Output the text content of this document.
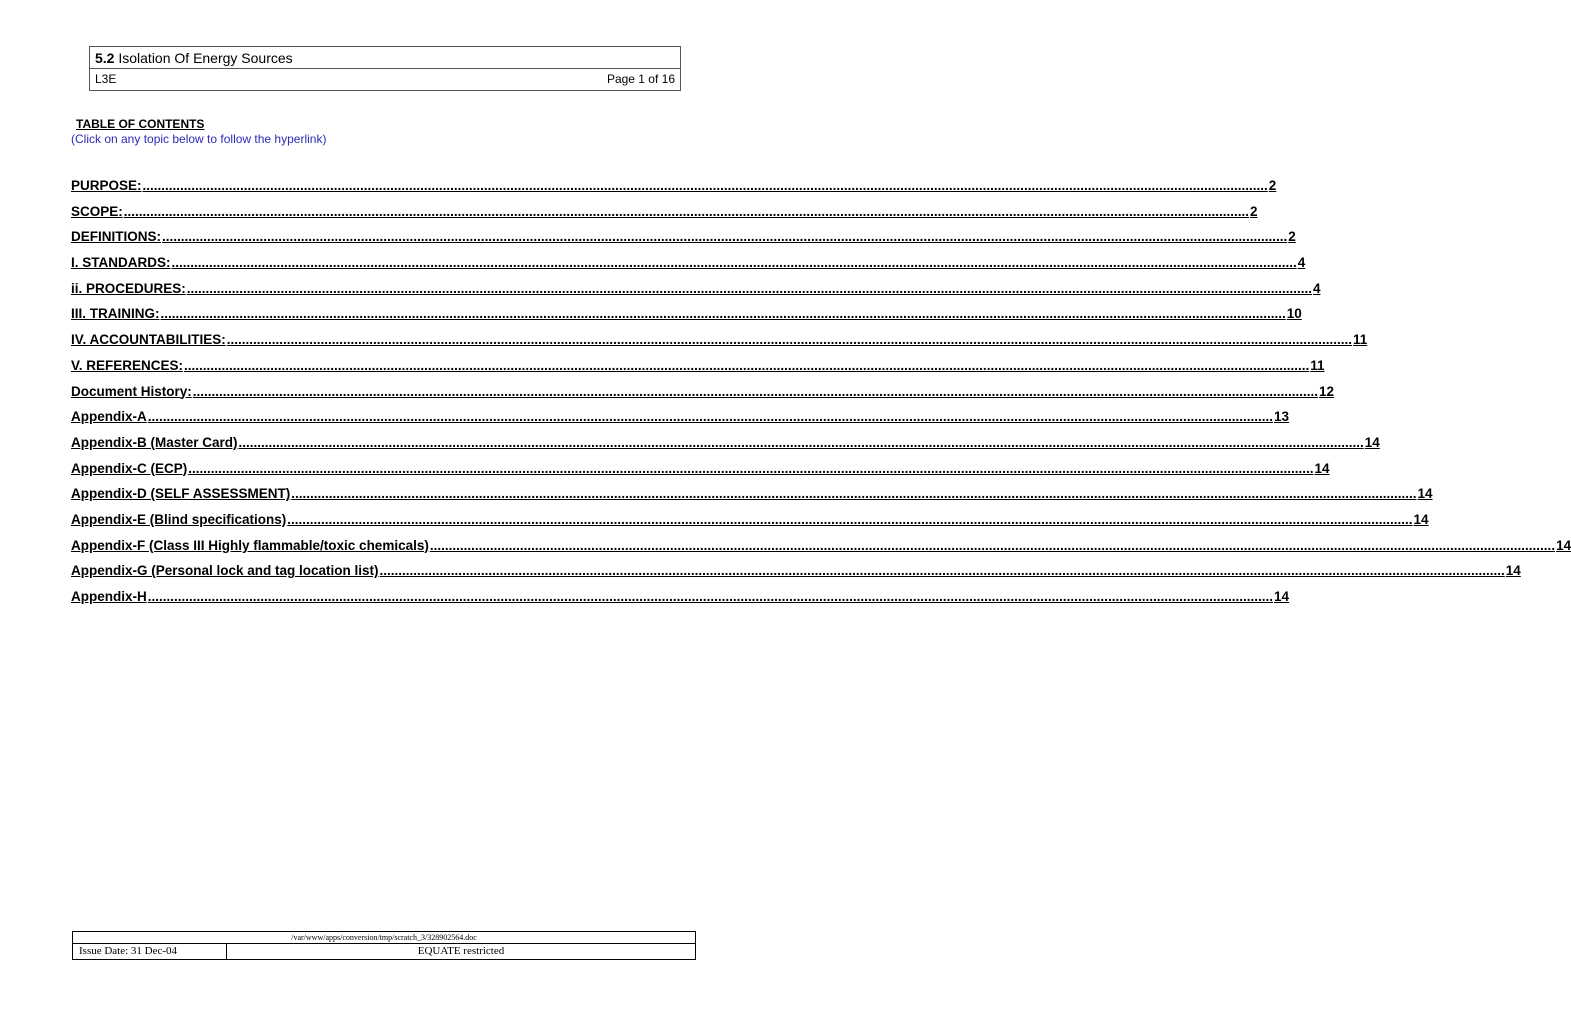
5.2 Isolation Of Energy Sources
L3E	Page 1 of 16
TABLE OF CONTENTS
(Click on any topic below to follow the hyperlink)
PURPOSE: ............................................................................................................................................................................................................................................................................................................ 2
SCOPE: ............................................................................................................................................................................................................................................................................................................ 2
DEFINITIONS: ............................................................................................................................................................................................................................................................................................................ 2
I. STANDARDS: ............................................................................................................................................................................................................................................................................................................ 4
ii. PROCEDURES: ............................................................................................................................................................................................................................................................................................................ 4
III. TRAINING: ............................................................................................................................................................................................................................................................................................................ 10
IV. ACCOUNTABILITIES: ............................................................................................................................................................................................................................................................................................................ 11
V. REFERENCES: ............................................................................................................................................................................................................................................................................................................ 11
Document History: ............................................................................................................................................................................................................................................................................................................ 12
Appendix-A ............................................................................................................................................................................................................................................................................................................ 13
Appendix-B (Master Card) ............................................................................................................................................................................................................................................................................................................ 14
Appendix-C (ECP) ............................................................................................................................................................................................................................................................................................................ 14
Appendix-D (SELF ASSESSMENT) ............................................................................................................................................................................................................................................................................................................ 14
Appendix-E (Blind specifications) ............................................................................................................................................................................................................................................................................................................ 14
Appendix-F (Class III Highly flammable/toxic chemicals) ............................................................................................................................................................................................................................................................................................................ 14
Appendix-G (Personal lock and tag location list) ............................................................................................................................................................................................................................................................................................................ 14
Appendix-H ............................................................................................................................................................................................................................................................................................................ 14
/var/www/apps/conversion/tmp/scratch_3/328902564.doc
Issue Date: 31 Dec-04	EQUATE restricted
